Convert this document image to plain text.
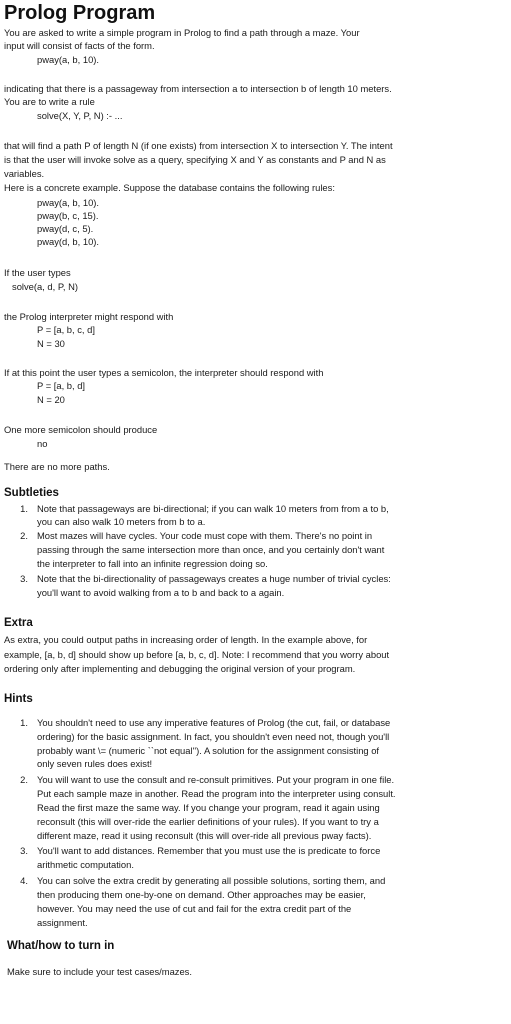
Prolog Program
You are asked to write a simple program in Prolog to find a path through a maze. Your
input will consist of facts of the form.
pway(a, b, 10).
indicating that there is a passageway from intersection a to intersection b of length 10 meters.
You are to write a rule
solve(X, Y, P, N) :- ...
that will find a path P of length N (if one exists) from intersection X to intersection Y. The intent
is that the user will invoke solve as a query, specifying X and Y as constants and P and N as
variables.
Here is a concrete example. Suppose the database contains the following rules:
pway(a, b, 10).
pway(b, c, 15).
pway(d, c, 5).
pway(d, b, 10).
If the user types
solve(a, d, P, N)
the Prolog interpreter might respond with
P = [a, b, c, d]
N = 30
If at this point the user types a semicolon, the interpreter should respond with
P = [a, b, d]
N = 20
One more semicolon should produce
no
There are no more paths.
Subtleties
1. Note that passageways are bi-directional; if you can walk 10 meters from from a to b,
you can also walk 10 meters from b to a.
2. Most mazes will have cycles. Your code must cope with them. There's no point in
passing through the same intersection more than once, and you certainly don't want
the interpreter to fall into an infinite regression doing so.
3. Note that the bi-directionality of passageways creates a huge number of trivial cycles:
you'll want to avoid walking from a to b and back to a again.
Extra
As extra, you could output paths in increasing order of length. In the example above, for
example, [a, b, d] should show up before [a, b, c, d]. Note: I recommend that you worry about
ordering only after implementing and debugging the original version of your program.
Hints
1. You shouldn't need to use any imperative features of Prolog (the cut, fail, or database
ordering) for the basic assignment. In fact, you shouldn't even need not, though you'll
probably want \= (numeric ``not equal''). A solution for the assignment consisting of
only seven rules does exist!
2. You will want to use the consult and re-consult primitives. Put your program in one file.
Put each sample maze in another. Read the program into the interpreter using consult.
Read the first maze the same way. If you change your program, read it again using
reconsult (this will over-ride the earlier definitions of your rules). If you want to try a
different maze, read it using reconsult (this will over-ride all previous pway facts).
3. You'll want to add distances. Remember that you must use the is predicate to force
arithmetic computation.
4. You can solve the extra credit by generating all possible solutions, sorting them, and
then producing them one-by-one on demand. Other approaches may be easier,
however. You may need the use of cut and fail for the extra credit part of the
assignment.
What/how to turn in
Make sure to include your test cases/mazes.
